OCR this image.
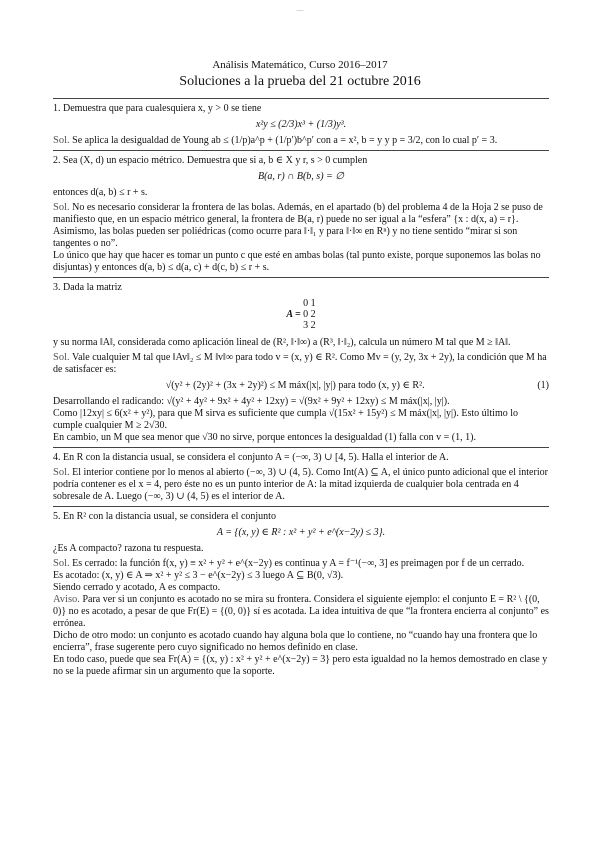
—
Análisis Matemático, Curso 2016–2017
Soluciones a la prueba del 21 octubre 2016

1. Demuestra que para cualesquiera x, y > 0 se tiene

x²y ≤ (2/3)x³ + (1/3)y³.

Sol. Se aplica la desigualdad de Young ab ≤ (1/p)a^p + (1/p′)b^p′ con a = x², b = y y p = 3/2, con lo cual p′ = 3.

2. Sea (X, d) un espacio métrico. Demuestra que si a, b ∈ X y r, s > 0 cumplen

B(a, r) ∩ B(b, s) = ∅

entonces d(a, b) ≤ r + s.

Sol. No es necesario considerar la frontera de las bolas. Además, en el apartado (b) del problema 4 de la Hoja 2 se puso de manifiesto que, en un espacio métrico general, la frontera de B(a, r) puede no ser igual a la “esfera” {x : d(x, a) = r}. Asimismo, las bolas pueden ser poliédricas (como ocurre para ‖·‖₁ y para ‖·‖∞ en Rⁿ) y no tiene sentido “mirar si son tangentes o no”.

Lo único que hay que hacer es tomar un punto c que esté en ambas bolas (tal punto existe, porque suponemos las bolas no disjuntas) y entonces d(a, b) ≤ d(a, c) + d(c, b) ≤ r + s.

3. Dada la matriz

A = 0 1
0 2
3 2

y su norma ‖A‖, considerada como aplicación lineal de (R², ‖·‖∞) a (R³, ‖·‖₂), calcula un número M tal que M ≥ ‖A‖.

Sol. Vale cualquier M tal que ‖Av‖₂ ≤ M ‖v‖∞ para todo v = (x, y) ∈ R². Como Mv = (y, 2y, 3x + 2y), la condición que M ha de satisfacer es:

(1)
√(y² + (2y)² + (3x + 2y)²) ≤ M máx(|x|, |y|) para todo (x, y) ∈ R².

Desarrollando el radicando: √(y² + 4y² + 9x² + 4y² + 12xy) = √(9x² + 9y² + 12xy) ≤ M máx(|x|, |y|).

Como |12xy| ≤ 6(x² + y²), para que M sirva es suficiente que cumpla √(15x² + 15y²) ≤ M máx(|x|, |y|). Esto último lo cumple cualquier M ≥ 2√30.

En cambio, un M que sea menor que √30 no sirve, porque entonces la desigualdad (1) falla con v = (1, 1).

4. En R con la distancia usual, se considera el conjunto A = (−∞, 3) ∪ [4, 5). Halla el interior de A.

Sol. El interior contiene por lo menos al abierto (−∞, 3) ∪ (4, 5). Como Int(A) ⊆ A, el único punto adicional que el interior podría contener es el x = 4, pero éste no es un punto interior de A: la mitad izquierda de cualquier bola centrada en 4 sobresale de A. Luego (−∞, 3) ∪ (4, 5) es el interior de A.

5. En R² con la distancia usual, se considera el conjunto

A = {(x, y) ∈ R² : x² + y² + e^(x−2y) ≤ 3}.

¿Es A compacto? razona tu respuesta.

Sol. Es cerrado: la función f(x, y) ≡ x² + y² + e^(x−2y) es continua y A = f⁻¹(−∞, 3] es preimagen por f de un cerrado.

Es acotado: (x, y) ∈ A ⇒ x² + y² ≤ 3 − e^(x−2y) ≤ 3 luego A ⊆ B(0, √3).

Siendo cerrado y acotado, A es compacto.

Aviso. Para ver si un conjunto es acotado no se mira su frontera. Considera el siguiente ejemplo: el conjunto E = R² \ {(0, 0)} no es acotado, a pesar de que Fr(E) = {(0, 0)} sí es acotada. La idea intuitiva de que “la frontera encierra al conjunto” es errónea.

Dicho de otro modo: un conjunto es acotado cuando hay alguna bola que lo contiene, no “cuando hay una frontera que lo encierra”, frase sugerente pero cuyo significado no hemos definido en clase.

En todo caso, puede que sea Fr(A) = {(x, y) : x² + y² + e^(x−2y) = 3} pero esta igualdad no la hemos demostrado en clase y no se la puede afirmar sin un argumento que la soporte.
